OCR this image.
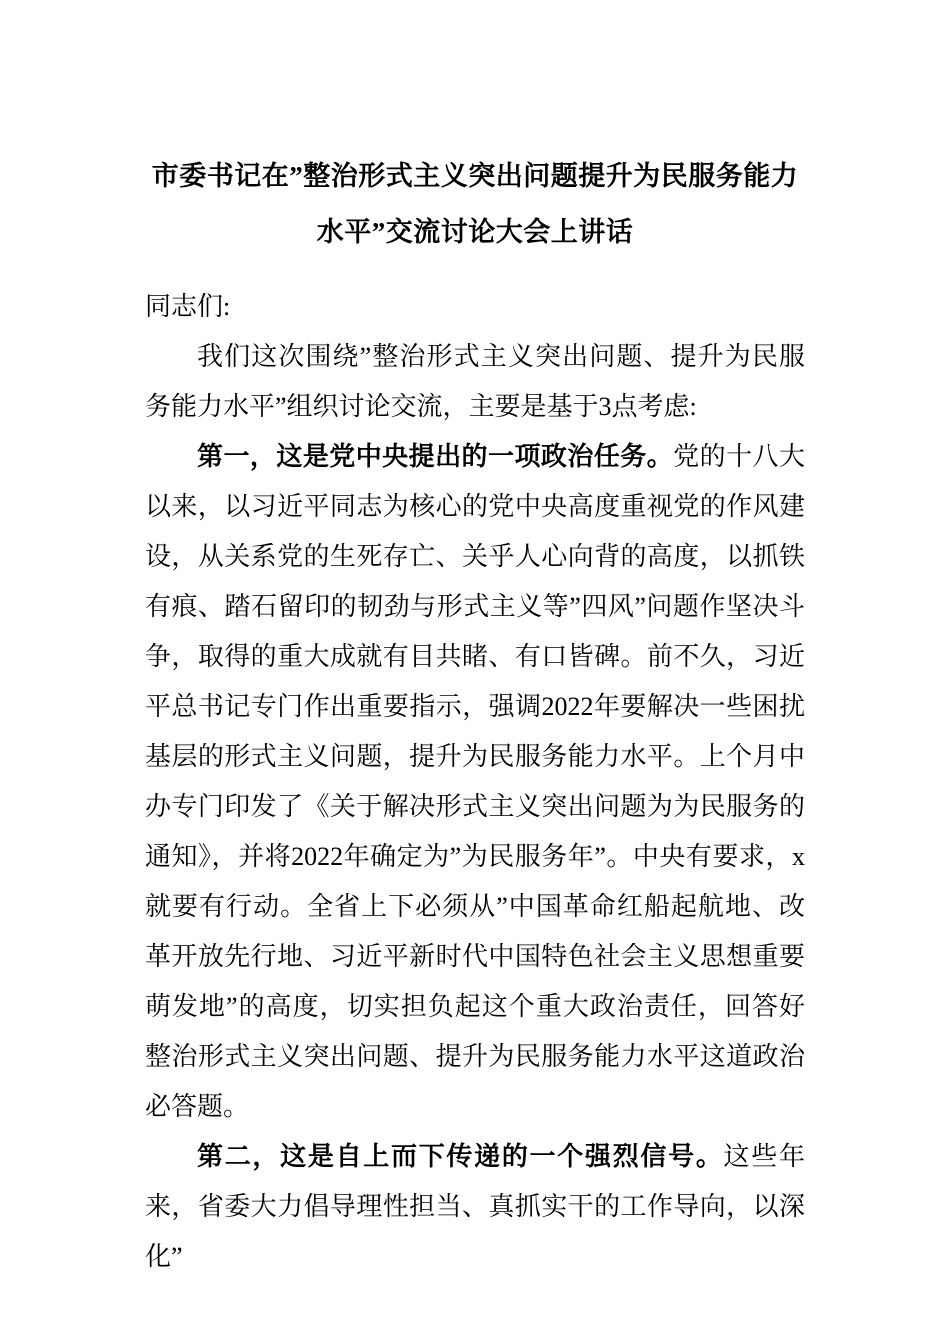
市委书记在”整治形式主义突出问题提升为民服务能力水平”交流讨论大会上讲话

同志们:

我们这次围绕”整治形式主义突出问题、提升为民服务能力水平”组织讨论交流，主要是基于3点考虑:

第一，这是党中央提出的一项政治任务。党的十八大以来，以习近平同志为核心的党中央高度重视党的作风建设，从关系党的生死存亡、关乎人心向背的高度，以抓铁有痕、踏石留印的韧劲与形式主义等”四风”问题作坚决斗争，取得的重大成就有目共睹、有口皆碑。前不久，习近平总书记专门作出重要指示，强调2022年要解决一些困扰基层的形式主义问题，提升为民服务能力水平。上个月中办专门印发了《关于解决形式主义突出问题为为民服务的通知》，并将2022年确定为”为民服务年”。中央有要求，x就要有行动。全省上下必须从”中国革命红船起航地、改革开放先行地、习近平新时代中国特色社会主义思想重要萌发地”的高度，切实担负起这个重大政治责任，回答好整治形式主义突出问题、提升为民服务能力水平这道政治必答题。

第二，这是自上而下传递的一个强烈信号。这些年来，省委大力倡导理性担当、真抓实干的工作导向，以深化”
